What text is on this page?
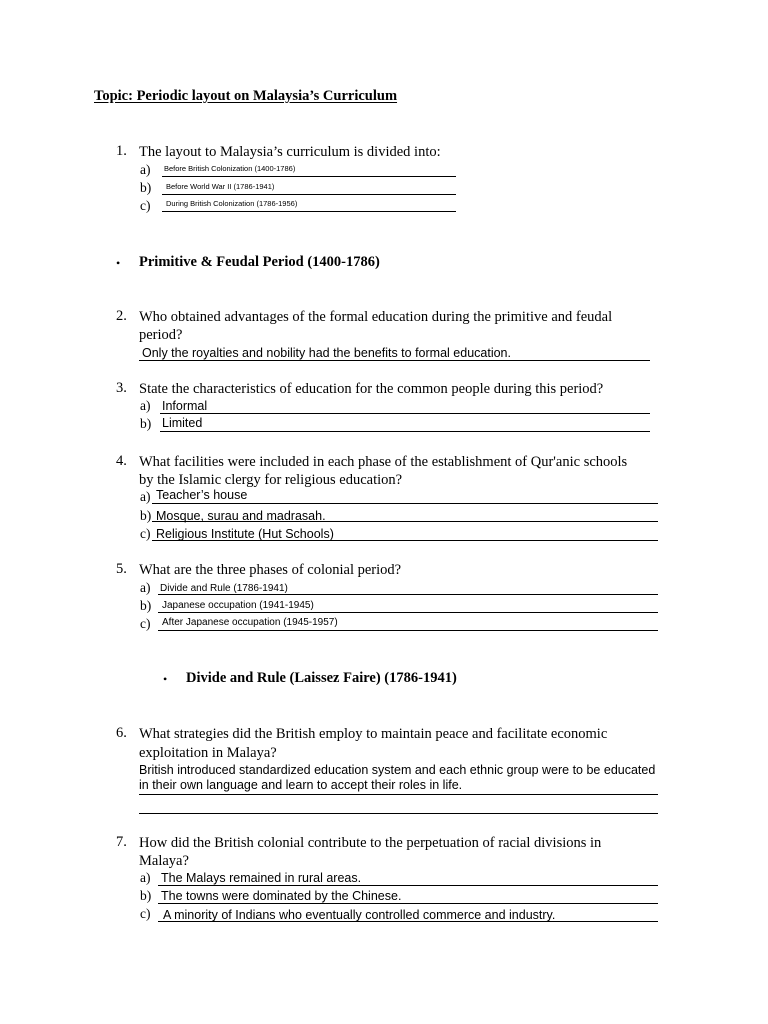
Topic: Periodic layout on Malaysia’s Curriculum
1. The layout to Malaysia’s curriculum is divided into:
a) Before British Colonization (1400-1786)
b) Before World War II (1786-1941)
c) During British Colonization (1786-1956)
• Primitive & Feudal Period (1400-1786)
2. Who obtained advantages of the formal education during the primitive and feudal
period?
Only the royalties and nobility had the benefits to formal education.
3. State the characteristics of education for the common people during this period?
a) Informal
b) Limited
4. What facilities were included in each phase of the establishment of Qur'anic schools
by the Islamic clergy for religious education?
a) Teacher’s house
b) Mosque, surau and madrasah.
c) Religious Institute (Hut Schools)
5. What are the three phases of colonial period?
a) Divide and Rule (1786-1941)
b) Japanese occupation (1941-1945)
c) After Japanese occupation (1945-1957)
• Divide and Rule (Laissez Faire) (1786-1941)
6. What strategies did the British employ to maintain peace and facilitate economic
exploitation in Malaya?
British introduced standardized education system and each ethnic group were to be educated
in their own language and learn to accept their roles in life.
7. How did the British colonial contribute to the perpetuation of racial divisions in
Malaya?
a) The Malays remained in rural areas.
b) The towns were dominated by the Chinese.
c) A minority of Indians who eventually controlled commerce and industry.
